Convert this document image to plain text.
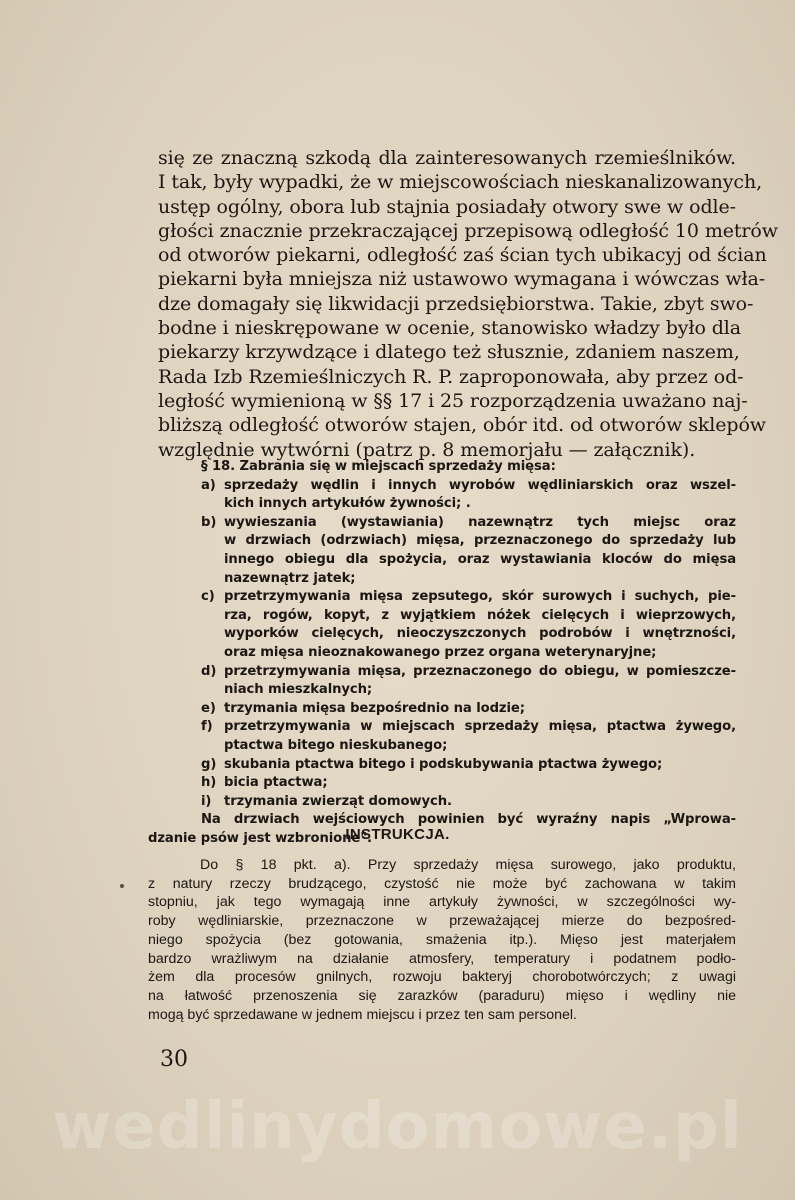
się ze znaczną szkodą dla zainteresowanych rzemieślników.
I tak, były wypadki, że w miejscowościach nieskanalizowanych,
ustęp ogólny, obora lub stajnia posiadały otwory swe w odle-
głości znacznie przekraczającej przepisową odległość 10 metrów
od otworów piekarni, odległość zaś ścian tych ubikacyj od ścian
piekarni była mniejsza niż ustawowo wymagana i wówczas wła-
dze domagały się likwidacji przedsiębiorstwa. Takie, zbyt swo-
bodne i nieskrępowane w ocenie, stanowisko władzy było dla
piekarzy krzywdzące i dlatego też słusznie, zdaniem naszem,
Rada Izb Rzemieślniczych R. P. zaproponowała, aby przez od-
ległość wymienioną w §§ 17 i 25 rozporządzenia uważano naj-
bliższą odległość otworów stajen, obór itd. od otworów sklepów
względnie wytwórni (patrz p. 8 memorjału — załącznik).
§ 18. Zabrania się w miejscach sprzedaży mięsa:
a) sprzedaży wędlin i innych wyrobów wędliniarskich oraz wszel-
kich innych artykułów żywności; .
b) wywieszania (wystawiania) nazewnątrz tych miejsc oraz
w drzwiach (odrzwiach) mięsa, przeznaczonego do sprzedaży lub
innego obiegu dla spożycia, oraz wystawiania kloców do mięsa
nazewnątrz jatek;
c) przetrzymywania mięsa zepsutego, skór surowych i suchych, pie-
rza, rogów, kopyt, z wyjątkiem nóżek cielęcych i wieprzowych,
wyporków cielęcych, nieoczyszczonych podrobów i wnętrzności,
oraz mięsa nieoznakowanego przez organa weterynaryjne;
d) przetrzymywania mięsa, przeznaczonego do obiegu, w pomieszcze-
niach mieszkalnych;
e) trzymania mięsa bezpośrednio na lodzie;
f) przetrzymywania w miejscach sprzedaży mięsa, ptactwa żywego,
ptactwa bitego nieskubanego;
g) skubania ptactwa bitego i podskubywania ptactwa żywego;
h) bicia ptactwa;
i) trzymania zwierząt domowych.
Na drzwiach wejściowych powinien być wyraźny napis „Wprowa-
dzanie psów jest wzbronione".
INSTRUKCJA.
Do § 18 pkt. a). Przy sprzedaży mięsa surowego, jako produktu,
z natury rzeczy brudzącego, czystość nie może być zachowana w takim
stopniu, jak tego wymagają inne artykuły żywności, w szczególności wy-
roby wędliniarskie, przeznaczone w przeważającej mierze do bezpośred-
niego spożycia (bez gotowania, smażenia itp.). Mięso jest materjałem
bardzo wrażliwym na działanie atmosfery, temperatury i podatnem podło-
żem dla procesów gnilnych, rozwoju bakteryj chorobotwórczych; z uwagi
na łatwość przenoszenia się zarazków (paraduru) mięso i wędliny nie
mogą być sprzedawane w jednem miejscu i przez ten sam personel.
30
wedlinydomowe.pl
